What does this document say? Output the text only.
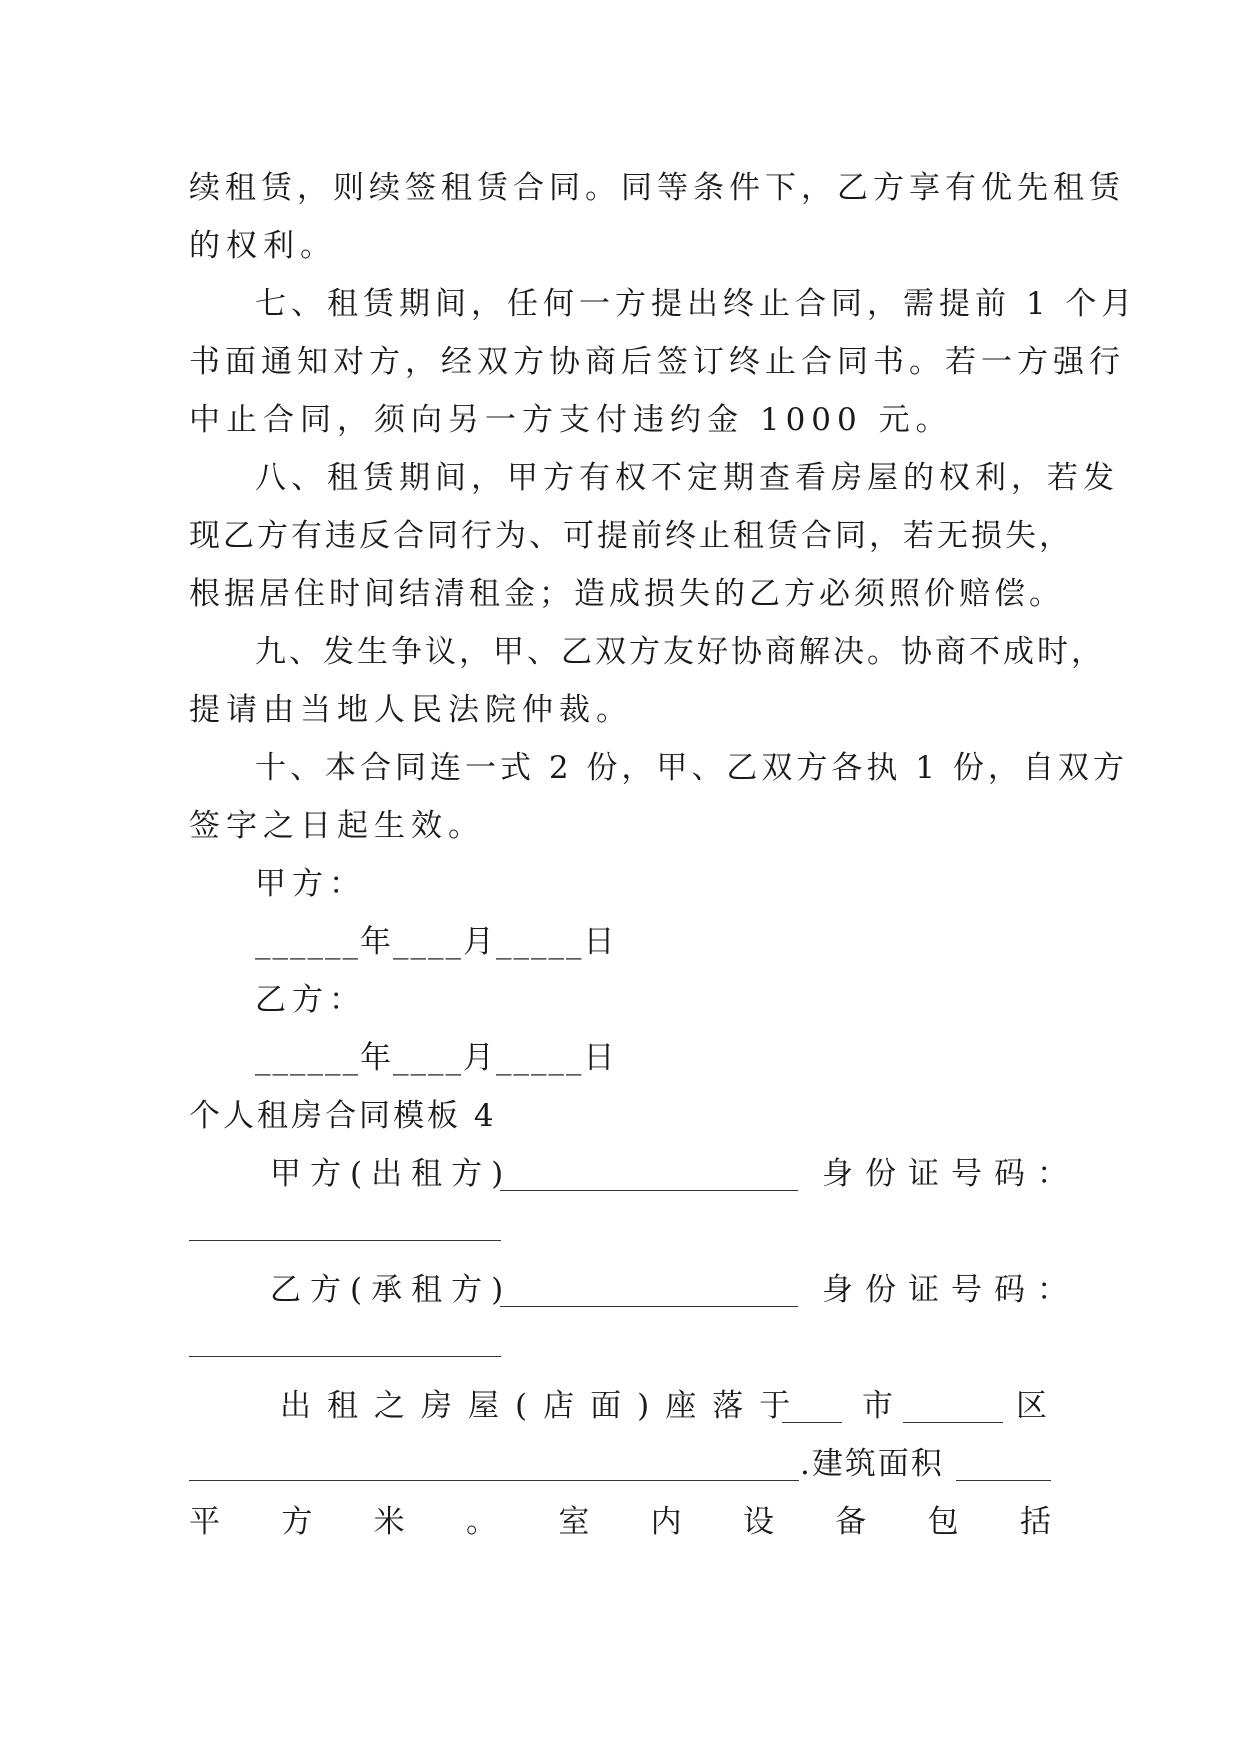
续租赁，则续签租赁合同。同等条件下，乙方享有优先租赁
的权利。
七、租赁期间，任何一方提出终止合同，需提前 1 个月
书面通知对方，经双方协商后签订终止合同书。若一方强行
中止合同，须向另一方支付违约金 1000 元。
八、租赁期间，甲方有权不定期查看房屋的权利，若发
现乙方有违反合同行为、可提前终止租赁合同，若无损失，
根据居住时间结清租金；造成损失的乙方必须照价赔偿。
九、发生争议，甲、乙双方友好协商解决。协商不成时，
提请由当地人民法院仲裁。
十、本合同连一式 2 份，甲、乙双方各执 1 份，自双方
签字之日起生效。
甲方：
______年____月_____日
乙方：
______年____月_____日
个人租房合同模板 4
甲方(出租方)	身份证号码：
乙方(承租方)	身份证号码：
出租之房屋(店面)座落于 市	区
.建筑面积
平 方 米 。 室 内 设 备 包 括
